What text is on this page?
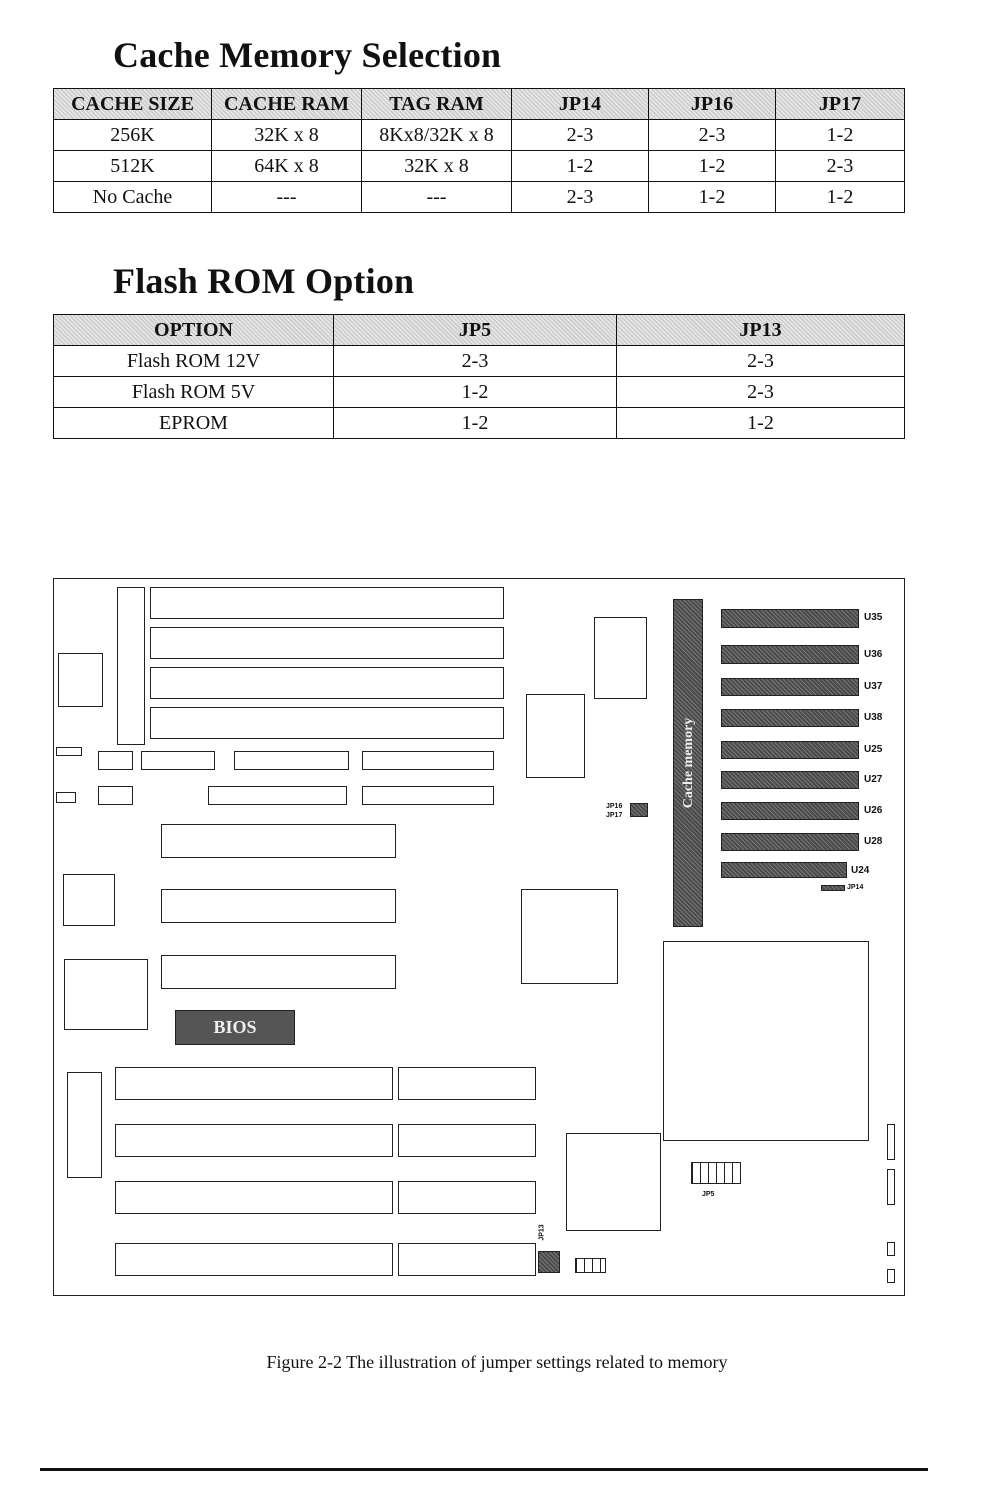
Cache Memory Selection
CACHE SIZE	CACHE RAM	TAG RAM	JP14	JP16	JP17
256K	32K x 8	8Kx8/32K x 8	2-3	2-3	1-2
512K	64K x 8	32K x 8	1-2	1-2	2-3
No Cache	---	---	2-3	1-2	1-2
Flash ROM Option
OPTION	JP5	JP13
Flash ROM 12V	2-3	2-3
Flash ROM 5V	1-2	2-3
EPROM	1-2	1-2
JP16
JP17
Cache memory
U35
U36
U37
U38
U25
U27
U26
U28
U24
JP14
BIOS
JP5
JP13
Figure 2-2 The illustration of jumper settings related to memory
